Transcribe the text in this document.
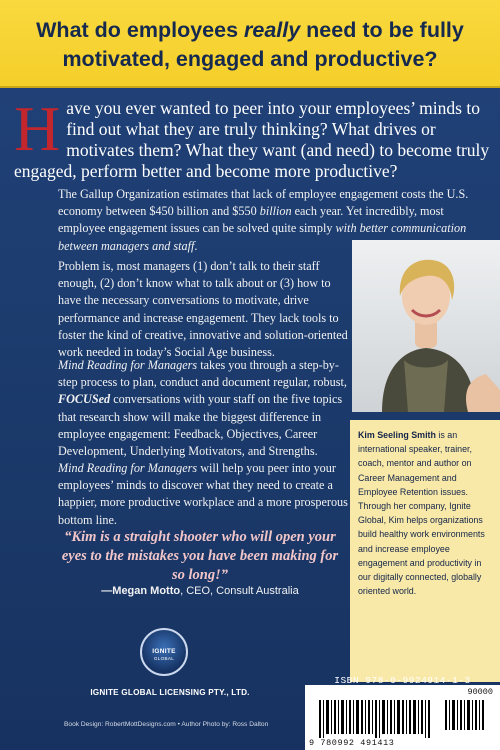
What do employees really need to be fully
motivated, engaged and productive?
H ave you ever wanted to peer into your employees’ minds to find out what they are truly thinking? What drives or motivates them? What they want (and need) to become truly engaged, perform better and become more productive?
The Gallup Organization estimates that lack of employee engagement costs the U.S. economy between $450 billion and $550 billion each year. Yet incredibly, most employee engagement issues can be solved quite simply with better communication between managers and staff.
Problem is, most managers (1) don’t talk to their staff enough, (2) don’t know what to talk about or (3) how to have the necessary conversations to motivate, drive performance and increase engagement. They lack tools to foster the kind of creative, innovative and solution-oriented work needed in today’s Social Age business.
Mind Reading for Managers takes you through a step-by-step process to plan, conduct and document regular, robust, FOCUSed conversations with your staff on the five topics that research show will make the biggest difference in employee engagement: Feedback, Objectives, Career Development, Underlying Motivators, and Strengths.
Mind Reading for Managers will help you peer into your employees’ minds to discover what they need to create a happier, more productive workplace and a more prosperous bottom line.
Kim Seeling Smith is an international speaker, trainer, coach, mentor and author on Career Management and Employee Retention issues. Through her company, Ignite Global, Kim helps organizations build healthy work environments and increase employee engagement and productivity in our digitally connected, globally oriented world.
“Kim is a straight shooter who will open your eyes to the mistakes you have been making for so long!”
—Megan Motto, CEO, Consult Australia
IGNITE
GLOBAL
IGNITE GLOBAL LICENSING PTY., LTD.
Book Design: RobertMottDesigns.com • Author Photo by: Ross Dalton
9 780992 491413
90000
ISBN 978-0-9924914-1-3
